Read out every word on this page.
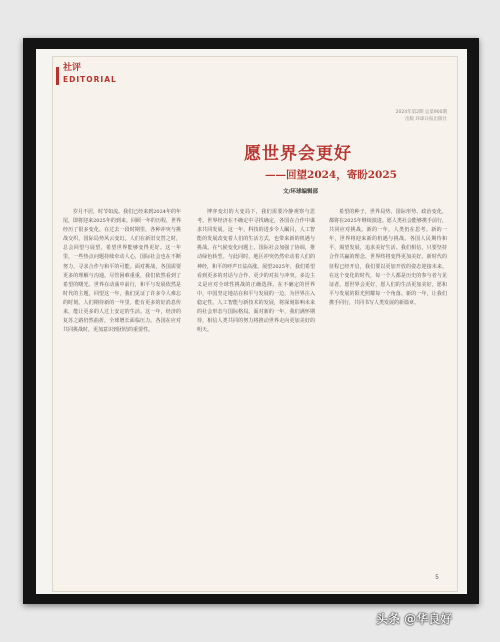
社评
EDITORIAL
2024年第2期 总第900期
出版 环球日报出版社
愿世界会更好
——回望2024，寄盼2025
文/环球编辑部

岁月不居，时节如流。我们已经来到2024年的年尾，即将迎来2025年的到来。回顾一年的历程，世界经历了很多变化。在过去一段时期里，各种冲突与挑战交织，国际局势风云变幻。人们在新旧交替之时，总会回望与展望，希望世界能够变得更好。这一年里，一些热点问题持续牵动人心，国际社会也在不断努力，寻求合作与和平的可能。面对挑战，各国需要更多的理解与沟通。尽管困难重重，我们依然看到了希望的曙光。世界在动荡中前行，和平与发展依然是时代的主题。回望这一年，我们见证了许多令人难忘的时刻。人们期待新的一年里，能有更多的好消息传来，能让更多的人过上安定的生活。这一年，经济的复苏之路仍然曲折，全球增长面临压力。各国在应对共同挑战时，更加意识到团结的重要性。

博弈变幻的大变局下，我们需要冷静观察与思考。世界经济在不确定中寻找确定，各国在合作中谋求共同发展。这一年，科技的进步令人瞩目，人工智能的发展改变着人们的生活方式，也带来新的机遇与挑战。在气候变化问题上，国际社会加强了协调，推动绿色转型。与此同时，地区冲突仍然牵动着人们的神经，和平的呼声日益高涨。展望2025年，我们希望看到更多的对话与合作，更少的对抗与冲突。多边主义是应对全球性挑战的正确选择。在不确定的世界中，中国坚定地站在和平与发展的一边，为世界注入稳定性。人工智能与新技术的发展，将深刻影响未来的社会形态与国际格局。面对新的一年，我们满怀期待，相信人类共同的努力将推动世界走向更加美好的明天。

希望的种子，世界局势、国际形势、政治变化，都将在2025年继续演进。愿人类社会能够携手前行，共同应对挑战。新的一年，人类仍在思考。新的一年，世界将迎来新的机遇与挑战。各国人民期待和平，渴望发展，追求美好生活。我们相信，只要坚持合作共赢的理念，世界终将变得更加美好。新时代的征程已经开启，我们要以更加开放的姿态迎接未来。在这个变化的时代，每一个人都是历史的参与者与见证者。愿世界会更好，愿人们的生活更加美好，愿和平与发展的阳光照耀每一个角落。新的一年，让我们携手同行，共同书写人类发展的新篇章。

5
头条 @华良好
